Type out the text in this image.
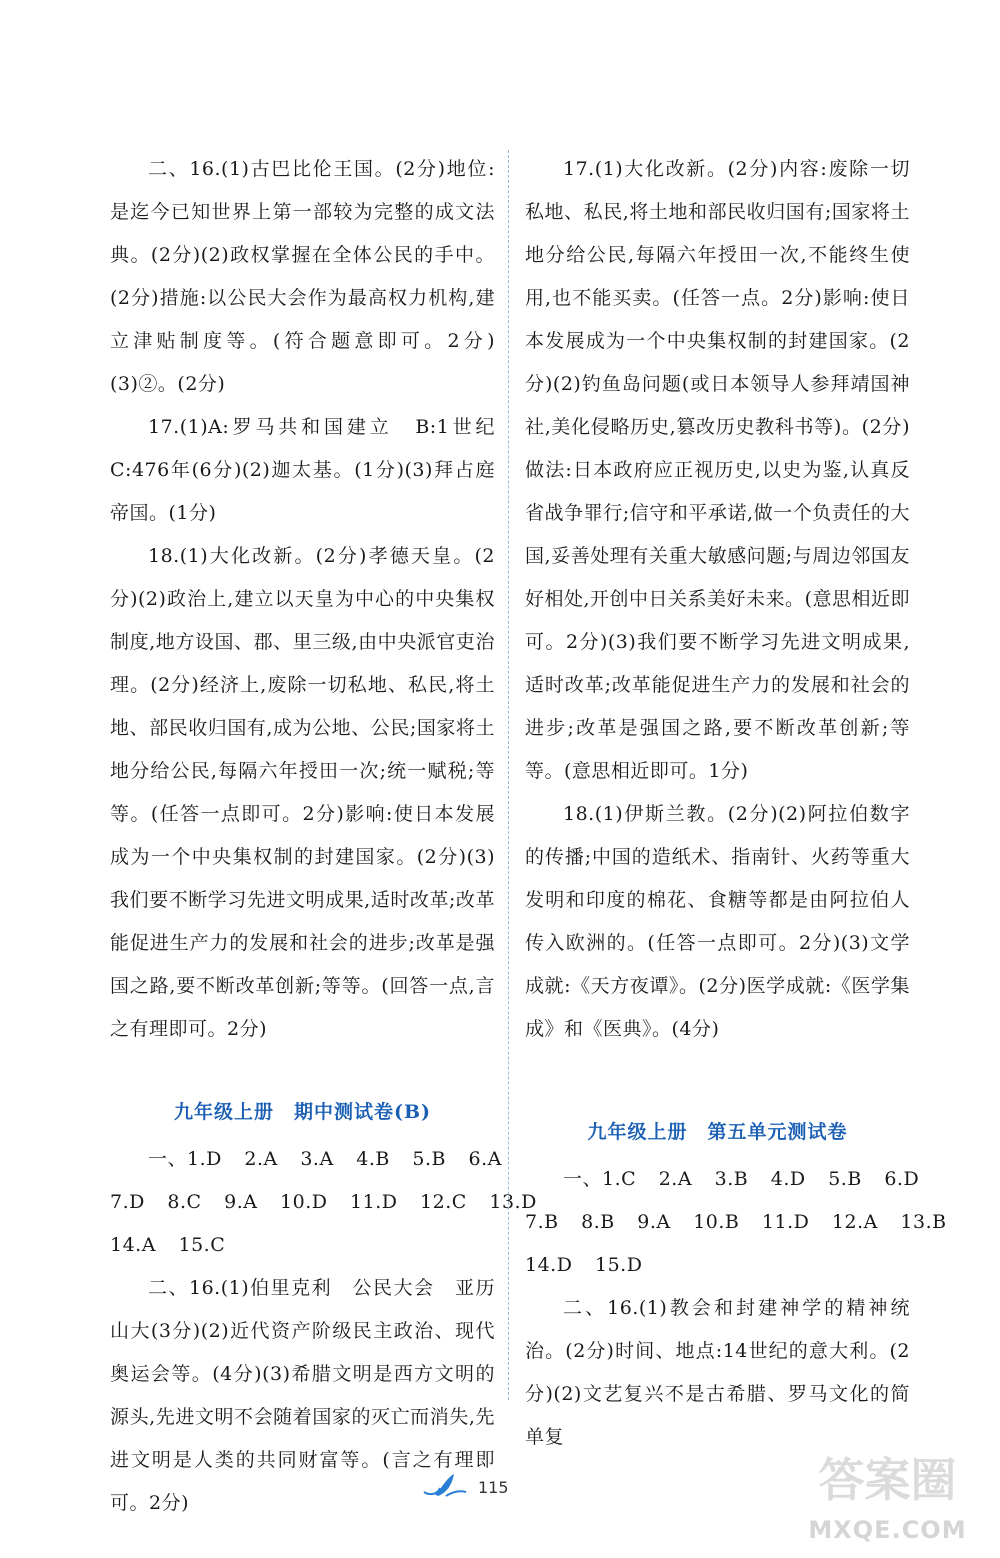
二、16.(1)古巴比伦王国。(2分)地位:是迄今已知世界上第一部较为完整的成文法典。(2分)(2)政权掌握在全体公民的手中。(2分)措施:以公民大会作为最高权力机构,建立津贴制度等。(符合题意即可。2分)(3)②。(2分)

17.(1)A:罗马共和国建立　B:1世纪　C:476年(6分)(2)迦太基。(1分)(3)拜占庭帝国。(1分)

18.(1)大化改新。(2分)孝德天皇。(2分)(2)政治上,建立以天皇为中心的中央集权制度,地方设国、郡、里三级,由中央派官吏治理。(2分)经济上,废除一切私地、私民,将土地、部民收归国有,成为公地、公民;国家将土地分给公民,每隔六年授田一次;统一赋税;等等。(任答一点即可。2分)影响:使日本发展成为一个中央集权制的封建国家。(2分)(3)我们要不断学习先进文明成果,适时改革;改革能促进生产力的发展和社会的进步;改革是强国之路,要不断改革创新;等等。(回答一点,言之有理即可。2分)

九年级上册　期中测试卷(B)
一、1.D 2.A 3.A 4.B 5.B 6.A
7.D 8.C 9.A 10.D 11.D 12.C 13.D
14.A 15.C

二、16.(1)伯里克利　公民大会　亚历山大(3分)(2)近代资产阶级民主政治、现代奥运会等。(4分)(3)希腊文明是西方文明的源头,先进文明不会随着国家的灭亡而消失,先进文明是人类的共同财富等。(言之有理即可。2分)

17.(1)大化改新。(2分)内容:废除一切私地、私民,将土地和部民收归国有;国家将土地分给公民,每隔六年授田一次,不能终生使用,也不能买卖。(任答一点。2分)影响:使日本发展成为一个中央集权制的封建国家。(2分)(2)钓鱼岛问题(或日本领导人参拜靖国神社,美化侵略历史,篡改历史教科书等)。(2分)做法:日本政府应正视历史,以史为鉴,认真反省战争罪行;信守和平承诺,做一个负责任的大国,妥善处理有关重大敏感问题;与周边邻国友好相处,开创中日关系美好未来。(意思相近即可。2分)(3)我们要不断学习先进文明成果,适时改革;改革能促进生产力的发展和社会的进步;改革是强国之路,要不断改革创新;等等。(意思相近即可。1分)

18.(1)伊斯兰教。(2分)(2)阿拉伯数字的传播;中国的造纸术、指南针、火药等重大发明和印度的棉花、食糖等都是由阿拉伯人传入欧洲的。(任答一点即可。2分)(3)文学成就:《天方夜谭》。(2分)医学成就:《医学集成》和《医典》。(4分)

九年级上册　第五单元测试卷
一、1.C 2.A 3.B 4.D 5.B 6.D
7.B 8.B 9.A 10.B 11.D 12.A 13.B
14.D 15.D

二、16.(1)教会和封建神学的精神统治。(2分)时间、地点:14世纪的意大利。(2分)(2)文艺复兴不是古希腊、罗马文化的简单复

115	答案圈
MXQE.COM
